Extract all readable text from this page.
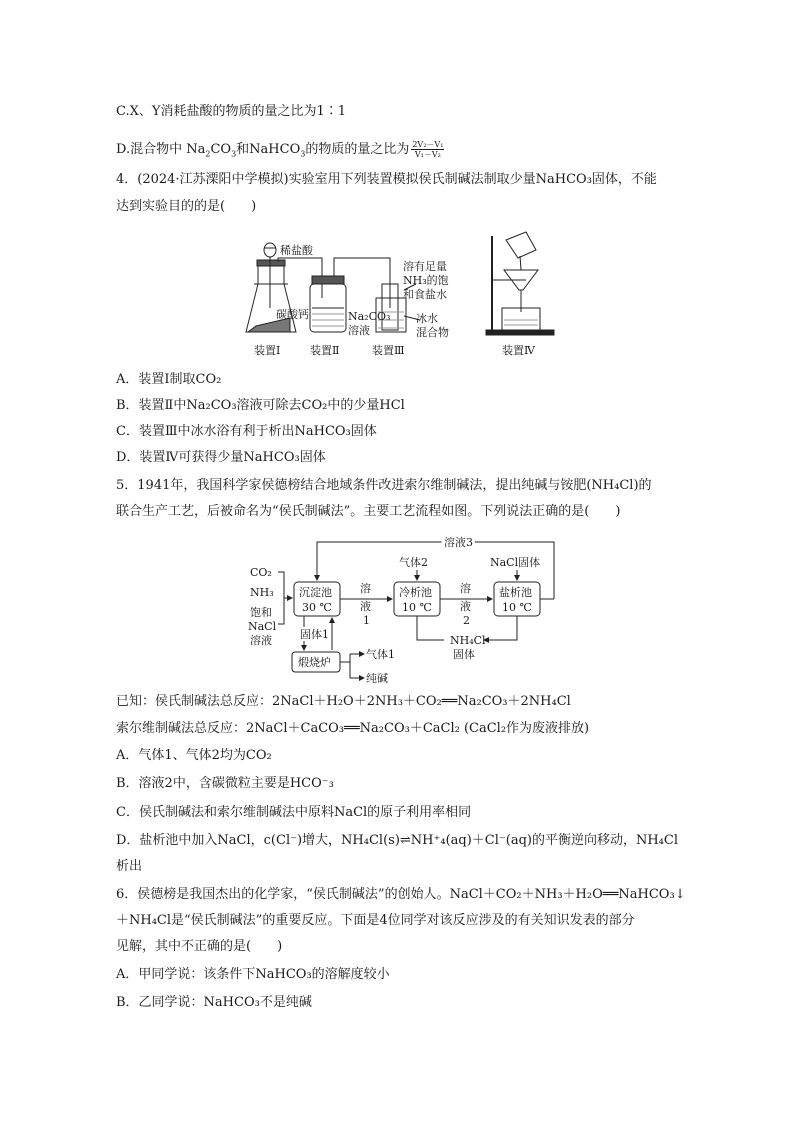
C.X、Y消耗盐酸的物质的量之比为1∶1
D.混合物中 $Na_2CO_3$和NaHCO$_3$的物质的量之比为 $\frac{\text{2V₂－V₁}}{\text{V₁－V₂}}$
4．(2024·江苏溧阳中学模拟)实验室用下列装置模拟侯氏制碱法制取少量NaHCO₃固体，不能
达到实验目的的是(　　)
稀盐酸
碳酸钙	Na₂CO₃
溶液
溶有足量
NH₃的饱
和食盐水
冰水
混合物
装置Ⅰ	装置Ⅱ	装置Ⅲ	装置Ⅳ
A．装置Ⅰ制取CO₂
B．装置Ⅱ中Na₂CO₃溶液可除去CO₂中的少量HCl
C．装置Ⅲ中冰水浴有利于析出NaHCO₃固体
D．装置Ⅳ可获得少量NaHCO₃固体
5．1941年，我国科学家侯德榜结合地域条件改进索尔维制碱法，提出纯碱与铵肥(NH₄Cl)的
联合生产工艺，后被命名为“侯氏制碱法”。主要工艺流程如图。下列说法正确的是(　　)
CO₂
NH₃
饱和
NaCl
溶液
沉淀池
30 ℃
冷析池
10 ℃
盐析池
10 ℃
溶
液
1
溶
液
2
溶液3
气体2	NaCl固体
固体1
煅烧炉
气体1
纯碱
NH₄Cl
固体
已知：侯氏制碱法总反应：2NaCl＋H₂O＋2NH₃＋CO₂══Na₂CO₃＋2NH₄Cl
索尔维制碱法总反应：2NaCl＋CaCO₃══Na₂CO₃＋CaCl₂ (CaCl₂作为废液排放)
A．气体1、气体2均为CO₂
B．溶液2中，含碳微粒主要是HCO⁻₃
C．侯氏制碱法和索尔维制碱法中原料NaCl的原子利用率相同
D．盐析池中加入NaCl，c(Cl⁻)增大，NH₄Cl(s)⇌NH⁺₄(aq)＋Cl⁻(aq)的平衡逆向移动，NH₄Cl
析出
6．侯德榜是我国杰出的化学家，“侯氏制碱法”的创始人。NaCl＋CO₂＋NH₃＋H₂O══NaHCO₃↓
＋NH₄Cl是“侯氏制碱法”的重要反应。下面是4位同学对该反应涉及的有关知识发表的部分
见解，其中不正确的是(　　)
A．甲同学说：该条件下NaHCO₃的溶解度较小
B．乙同学说：NaHCO₃不是纯碱
